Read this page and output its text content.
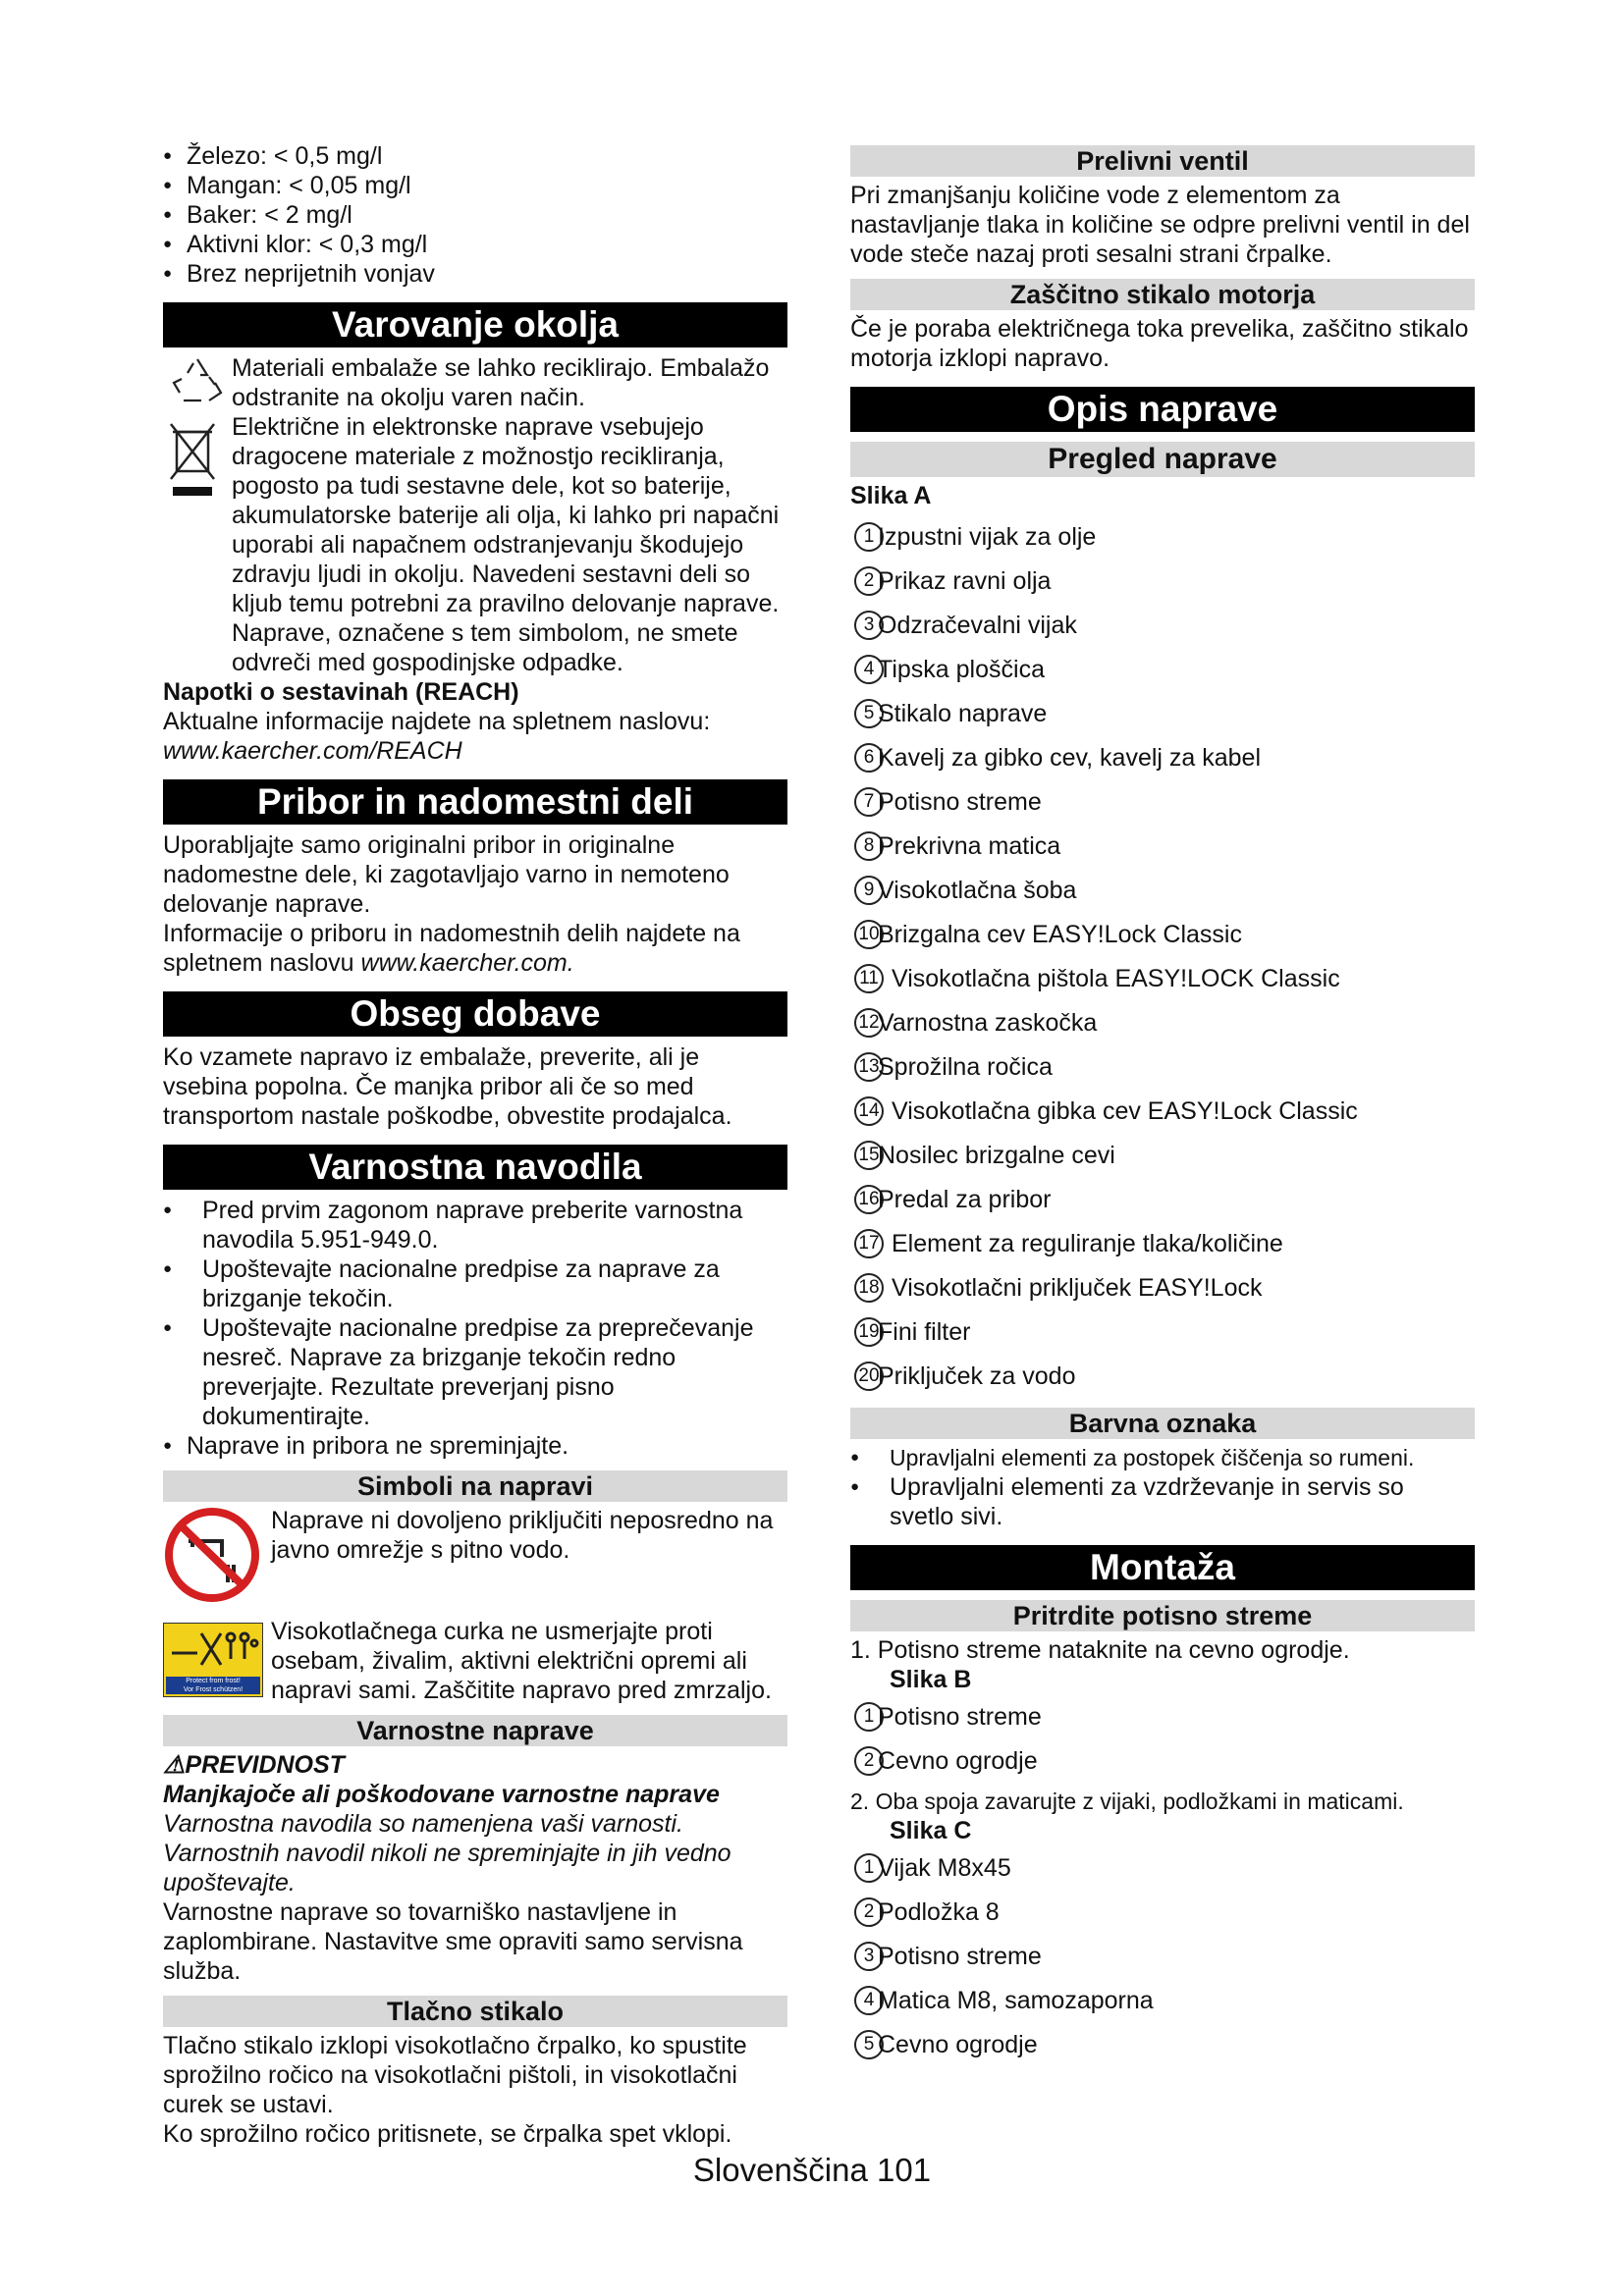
● Železo: < 0,5 mg/l
● Mangan: < 0,05 mg/l
● Baker: < 2 mg/l
● Aktivni klor: < 0,3 mg/l
● Brez neprijetnih vonjav
Varovanje okolja
Materiali embalaže se lahko reciklirajo. Embalažo odstranite na okolju varen način.
Električne in elektronske naprave vsebujejo dragocene materiale z možnostjo recikliranja, pogosto pa tudi sestavne dele, kot so baterije, akumulatorske baterije ali olja, ki lahko pri napačni uporabi ali napačnem odstranjevanju škodujejo zdravju ljudi in okolju. Navedeni sestavni deli so kljub temu potrebni za pravilno delovanje naprave. Naprave, označene s tem simbolom, ne smete odvreči med gospodinjske odpadke.
Napotki o sestavinah (REACH)
Aktualne informacije najdete na spletnem naslovu:
www.kaercher.com/REACH
Pribor in nadomestni deli
Uporabljajte samo originalni pribor in originalne nadomestne dele, ki zagotavljajo varno in nemoteno delovanje naprave.
Informacije o priboru in nadomestnih delih najdete na spletnem naslovu www.kaercher.com.
Obseg dobave
Ko vzamete napravo iz embalaže, preverite, ali je vsebina popolna. Če manjka pribor ali če so med transportom nastale poškodbe, obvestite prodajalca.
Varnostna navodila
● Pred prvim zagonom naprave preberite varnostna navodila 5.951-949.0.
● Upoštevajte nacionalne predpise za naprave za brizganje tekočin.
● Upoštevajte nacionalne predpise za preprečevanje nesreč. Naprave za brizganje tekočin redno preverjajte. Rezultate preverjanj pisno dokumentirajte.
● Naprave in pribora ne spreminjajte.
Simboli na napravi
Naprave ni dovoljeno priključiti neposredno na javno omrežje s pitno vodo.
Protect from frost!
Vor Frost schützen!
Visokotlačnega curka ne usmerjajte proti osebam, živalim, aktivni električni opremi ali napravi sami. Zaščitite napravo pred zmrzaljo.
Varnostne naprave
⚠PREVIDNOST
Manjkajoče ali poškodovane varnostne naprave
Varnostna navodila so namenjena vaši varnosti.
Varnostnih navodil nikoli ne spreminjajte in jih vedno upoštevajte.
Varnostne naprave so tovarniško nastavljene in zaplombirane. Nastavitve sme opraviti samo servisna služba.
Tlačno stikalo
Tlačno stikalo izklopi visokotlačno črpalko, ko spustite sprožilno ročico na visokotlačni pištoli, in visokotlačni curek se ustavi.
Ko sprožilno ročico pritisnete, se črpalka spet vklopi.
Prelivni ventil
Pri zmanjšanju količine vode z elementom za nastavljanje tlaka in količine se odpre prelivni ventil in del vode steče nazaj proti sesalni strani črpalke.
Zaščitno stikalo motorja
Če je poraba električnega toka prevelika, zaščitno stikalo motorja izklopi napravo.
Opis naprave
Pregled naprave
Slika A
1 Izpustni vijak za olje
2 Prikaz ravni olja
3 Odzračevalni vijak
4 Tipska ploščica
5 Stikalo naprave
6 Kavelj za gibko cev, kavelj za kabel
7 Potisno streme
8 Prekrivna matica
9 Visokotlačna šoba
10
Brizgalna cev EASY!Lock Classic
11 Visokotlačna pištola EASY!LOCK Classic
12
Varnostna zaskočka
13
Sprožilna ročica
14 Visokotlačna gibka cev EASY!Lock Classic
15
Nosilec brizgalne cevi
16
Predal za pribor
17 Element za reguliranje tlaka/količine
18 Visokotlačni priključek EASY!Lock
19
Fini filter
20
Priključek za vodo
Barvna oznaka
● Upravljalni elementi za postopek čiščenja so rumeni.
● Upravljalni elementi za vzdrževanje in servis so svetlo sivi.
Montaža
Pritrdite potisno streme
1. Potisno streme nataknite na cevno ogrodje.
Slika B
1 Potisno streme
2 Cevno ogrodje
2. Oba spoja zavarujte z vijaki, podložkami in maticami.
Slika C
1 Vijak M8x45
2 Podložka 8
3 Potisno streme
4 Matica M8, samozaporna
5 Cevno ogrodje
Slovenščina 101
